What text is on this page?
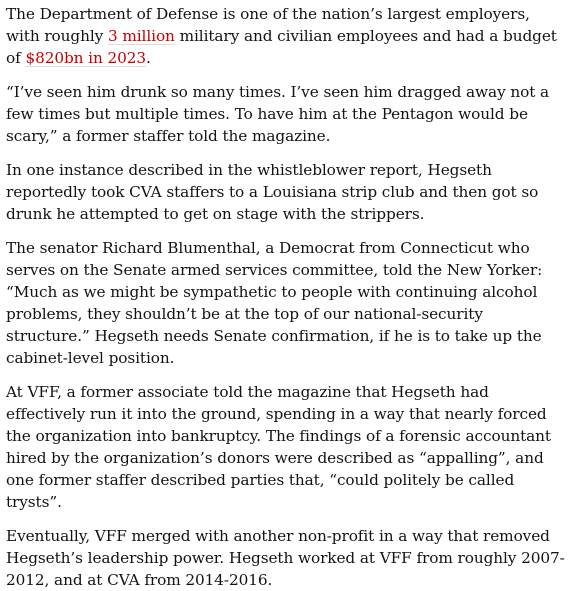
The Department of Defense is one of the nation’s largest employers, with roughly 3 million military and civilian employees and had a budget of $820bn in 2023.

“I’ve seen him drunk so many times. I’ve seen him dragged away not a few times but multiple times. To have him at the Pentagon would be scary,” a former staffer told the magazine.

In one instance described in the whistleblower report, Hegseth reportedly took CVA staffers to a Louisiana strip club and then got so drunk he attempted to get on stage with the strippers.

The senator Richard Blumenthal, a Democrat from Connecticut who serves on the Senate armed services committee, told the New Yorker: “Much as we might be sympathetic to people with continuing alcohol problems, they shouldn’t be at the top of our national-security structure.” Hegseth needs Senate confirmation, if he is to take up the cabinet-level position.

At VFF, a former associate told the magazine that Hegseth had effectively run it into the ground, spending in a way that nearly forced the organization into bankruptcy. The findings of a forensic accountant hired by the organization’s donors were described as “appalling”, and one former staffer described parties that, “could politely be called trysts”.

Eventually, VFF merged with another non-profit in a way that removed Hegseth’s leadership power. Hegseth worked at VFF from roughly 2007-2012, and at CVA from 2014-2016.
